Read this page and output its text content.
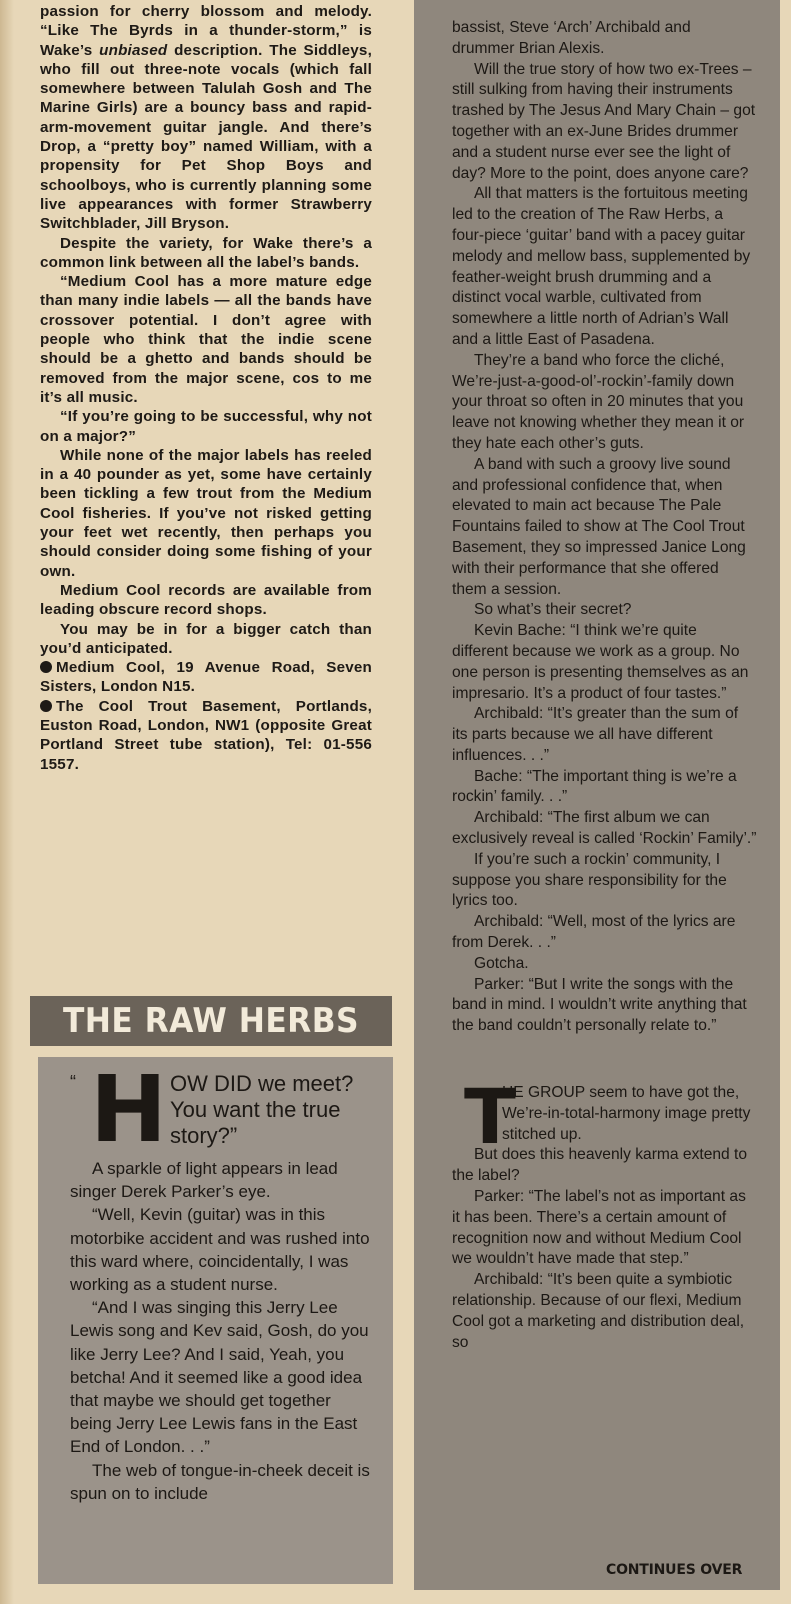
passion for cherry blossom and melody. “Like The Byrds in a thunder-storm,” is Wake’s unbiased description. The Siddleys, who fill out three-note vocals (which fall somewhere between Talulah Gosh and The Marine Girls) are a bouncy bass and rapid-arm-movement guitar jangle. And there’s Drop, a “pretty boy” named William, with a propensity for Pet Shop Boys and schoolboys, who is currently planning some live appearances with former Strawberry Switchblader, Jill Bryson.

Despite the variety, for Wake there’s a common link between all the label’s bands.

“Medium Cool has a more mature edge than many indie labels — all the bands have crossover potential. I don’t agree with people who think that the indie scene should be a ghetto and bands should be removed from the major scene, cos to me it’s all music.

“If you’re going to be successful, why not on a major?”

While none of the major labels has reeled in a 40 pounder as yet, some have certainly been tickling a few trout from the Medium Cool fisheries. If you’ve not risked getting your feet wet recently, then perhaps you should consider doing some fishing of your own.

Medium Cool records are available from leading obscure record shops.

You may be in for a bigger catch than you’d anticipated.

Medium Cool, 19 Avenue Road, Seven Sisters, London N15.

The Cool Trout Basement, Portlands, Euston Road, London, NW1 (opposite Great Portland Street tube station), Tel: 01-556 1557.

THE RAW HERBS
“ H OW DID we meet? You want the true story?”

A sparkle of light appears in lead singer Derek Parker’s eye.

“Well, Kevin (guitar) was in this motorbike accident and was rushed into this ward where, coincidentally, I was working as a student nurse.

“And I was singing this Jerry Lee Lewis song and Kev said, Gosh, do you like Jerry Lee? And I said, Yeah, you betcha! And it seemed like a good idea that maybe we should get together being Jerry Lee Lewis fans in the East End of London. . .”

The web of tongue-in-cheek deceit is spun on to include

bassist, Steve ‘Arch’ Archibald and drummer Brian Alexis.

Will the true story of how two ex-Trees – still sulking from having their instruments trashed by The Jesus And Mary Chain – got together with an ex-June Brides drummer and a student nurse ever see the light of day? More to the point, does anyone care?

All that matters is the fortuitous meeting led to the creation of The Raw Herbs, a four-piece ‘guitar’ band with a pacey guitar melody and mellow bass, supplemented by feather-weight brush drumming and a distinct vocal warble, cultivated from somewhere a little north of Adrian’s Wall and a little East of Pasadena.

They’re a band who force the cliché, We’re-just-a-good-ol’-rockin’-family down your throat so often in 20 minutes that you leave not knowing whether they mean it or they hate each other’s guts.

A band with such a groovy live sound and professional confidence that, when elevated to main act because The Pale Fountains failed to show at The Cool Trout Basement, they so impressed Janice Long with their performance that she offered them a session.

So what’s their secret?

Kevin Bache: “I think we’re quite different because we work as a group. No one person is presenting themselves as an impresario. It’s a product of four tastes.”

Archibald: “It’s greater than the sum of its parts because we all have different influences. . .”

Bache: “The important thing is we’re a rockin’ family. . .”

Archibald: “The first album we can exclusively reveal is called ‘Rockin’ Family’.”

If you’re such a rockin’ community, I suppose you share responsibility for the lyrics too.

Archibald: “Well, most of the lyrics are from Derek. . .”

Gotcha.

Parker: “But I write the songs with the band in mind. I wouldn’t write anything that the band couldn’t personally relate to.”

T

HE GROUP seem to have got the, We’re-in-total-harmony image pretty stitched up.

But does this heavenly karma extend to the label?

Parker: “The label’s not as important as it has been. There’s a certain amount of recognition now and without Medium Cool we wouldn’t have made that step.”

Archibald: “It’s been quite a symbiotic relationship. Because of our flexi, Medium Cool got a marketing and distribution deal, so

CONTINUES OVER
